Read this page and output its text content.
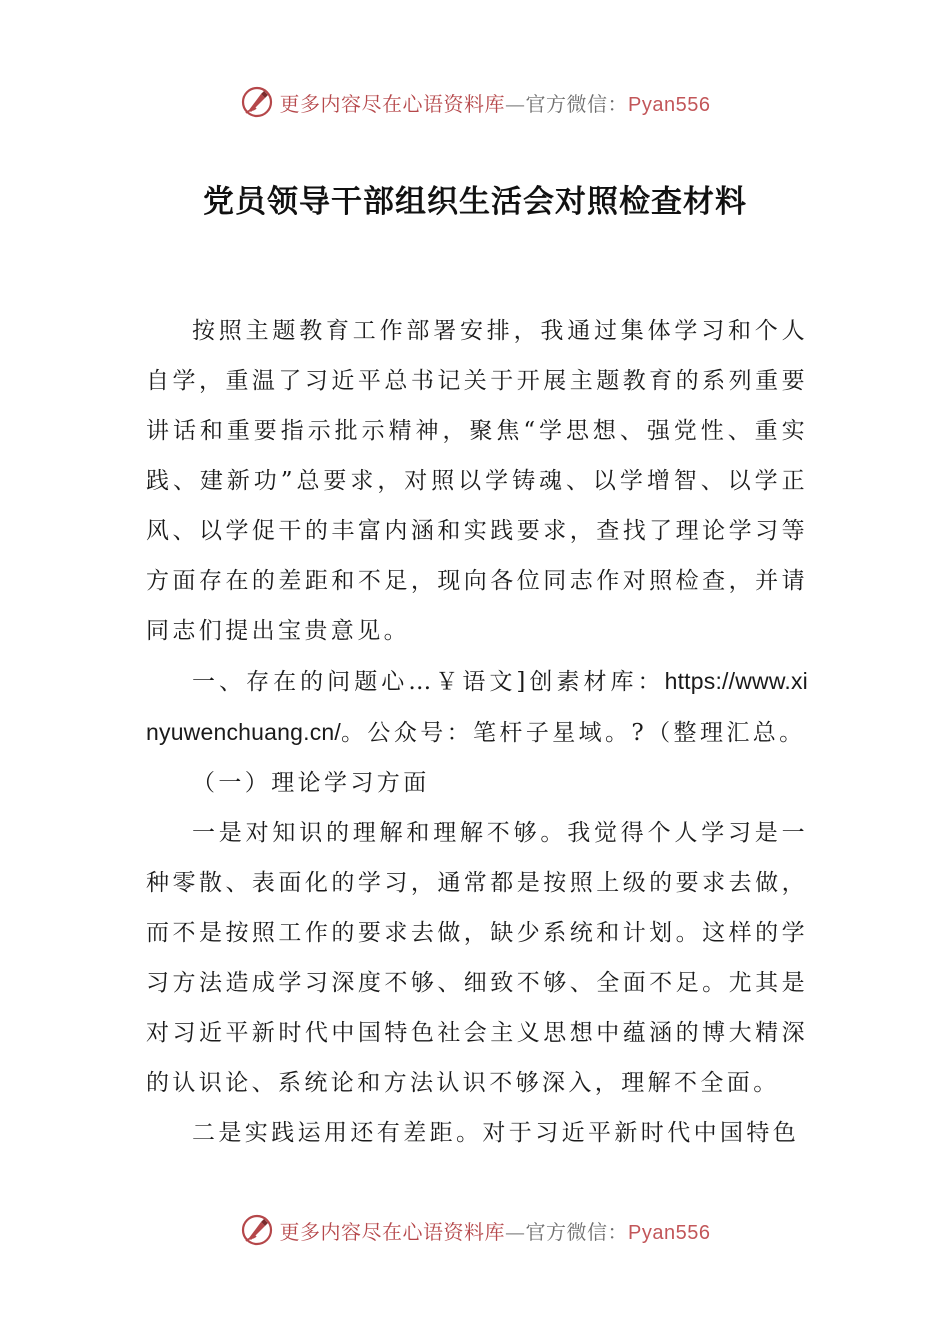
更多内容尽在心语资料库—官方微信：Pyan556
党员领导干部组织生活会对照检查材料

按照主题教育工作部署安排，我通过集体学习和个人自学，重温了习近平总书记关于开展主题教育的系列重要讲话和重要指示批示精神，聚焦“学思想、强党性、重实践、建新功”总要求，对照以学铸魂、以学增智、以学正风、以学促干的丰富内涵和实践要求，查找了理论学习等方面存在的差距和不足，现向各位同志作对照检查，并请同志们提出宝贵意见。

一、存在的问题心…￥语文]创素材库：https://www.xinyuwenchuang.cn/。公众号：笔杆子星域。?（整理汇总。

（一）理论学习方面

一是对知识的理解和理解不够。我觉得个人学习是一种零散、表面化的学习，通常都是按照上级的要求去做，而不是按照工作的要求去做，缺少系统和计划。这样的学习方法造成学习深度不够、细致不够、全面不足。尤其是对习近平新时代中国特色社会主义思想中蕴涵的博大精深的认识论、系统论和方法认识不够深入，理解不全面。

二是实践运用还有差距。对于习近平新时代中国特色

更多内容尽在心语资料库—官方微信：Pyan556
